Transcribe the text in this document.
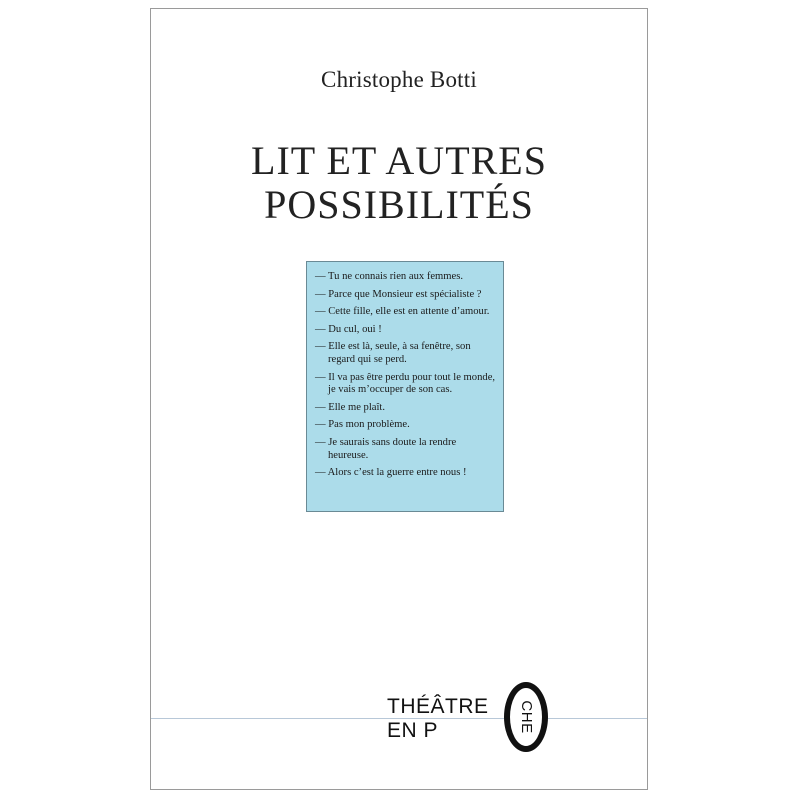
Christophe Botti
LIT ET AUTRES
POSSIBILITÉS
— Tu ne connais rien aux femmes.
— Parce que Monsieur est spécialiste ?
— Cette fille, elle est en attente d’amour.
— Du cul, oui !
— Elle est là, seule, à sa fenêtre, son regard qui se perd.
— Il va pas être perdu pour tout le monde, je vais m’occuper de son cas.
— Elle me plaît.
— Pas mon problème.
— Je saurais sans doute la rendre heureuse.
— Alors c’est la guerre entre nous !
THÉÂTRE
EN P	CHE
